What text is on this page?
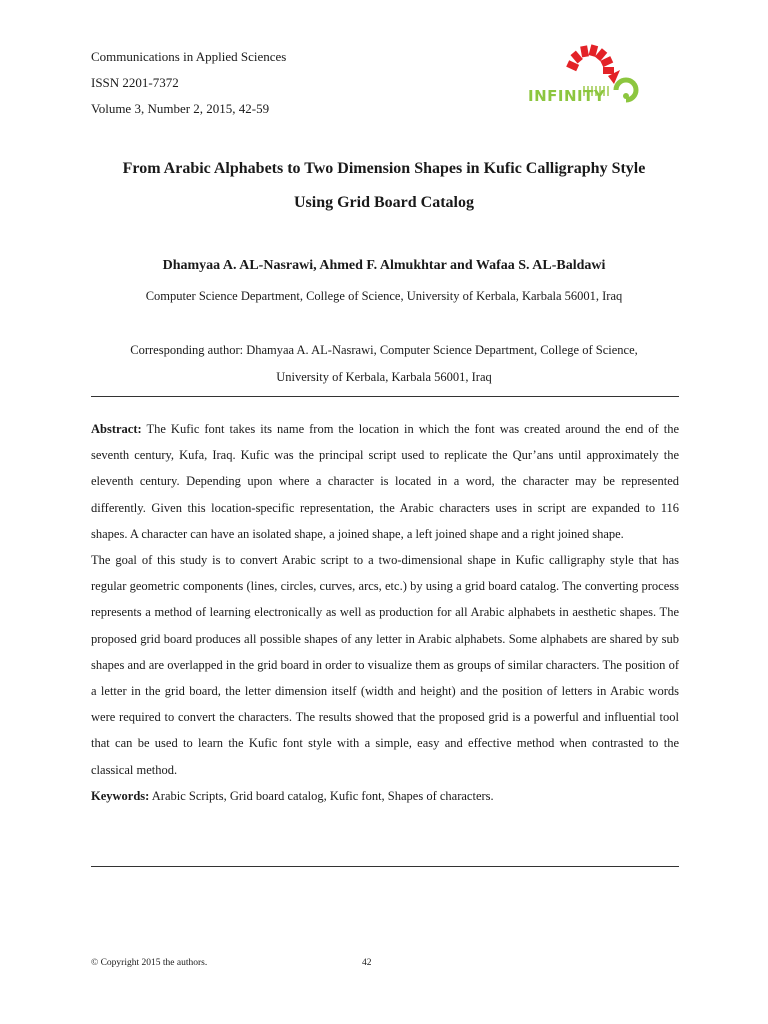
Communications in Applied Sciences
ISSN 2201-7372
Volume 3, Number 2, 2015, 42-59
INFINITY
From Arabic Alphabets to Two Dimension Shapes in Kufic Calligraphy Style
Using Grid Board Catalog
Dhamyaa A. AL-Nasrawi, Ahmed F. Almukhtar and Wafaa S. AL-Baldawi
Computer Science Department, College of Science, University of Kerbala, Karbala 56001, Iraq
Corresponding author: Dhamyaa A. AL-Nasrawi, Computer Science Department, College of Science,
University of Kerbala, Karbala 56001, Iraq

Abstract: The Kufic font takes its name from the location in which the font was created around the end of the seventh century, Kufa, Iraq. Kufic was the principal script used to replicate the Qur’ans until approximately the eleventh century. Depending upon where a character is located in a word, the character may be represented differently. Given this location-specific representation, the Arabic characters uses in script are expanded to 116 shapes. A character can have an isolated shape, a joined shape, a left joined shape and a right joined shape.

The goal of this study is to convert Arabic script to a two-dimensional shape in Kufic calligraphy style that has regular geometric components (lines, circles, curves, arcs, etc.) by using a grid board catalog. The converting process represents a method of learning electronically as well as production for all Arabic alphabets in aesthetic shapes. The proposed grid board produces all possible shapes of any letter in Arabic alphabets. Some alphabets are shared by sub shapes and are overlapped in the grid board in order to visualize them as groups of similar characters. The position of a letter in the grid board, the letter dimension itself (width and height) and the position of letters in Arabic words were required to convert the characters. The results showed that the proposed grid is a powerful and influential tool that can be used to learn the Kufic font style with a simple, easy and effective method when contrasted to the classical method.

Keywords: Arabic Scripts, Grid board catalog, Kufic font, Shapes of characters.

© Copyright 2015 the authors.	42
